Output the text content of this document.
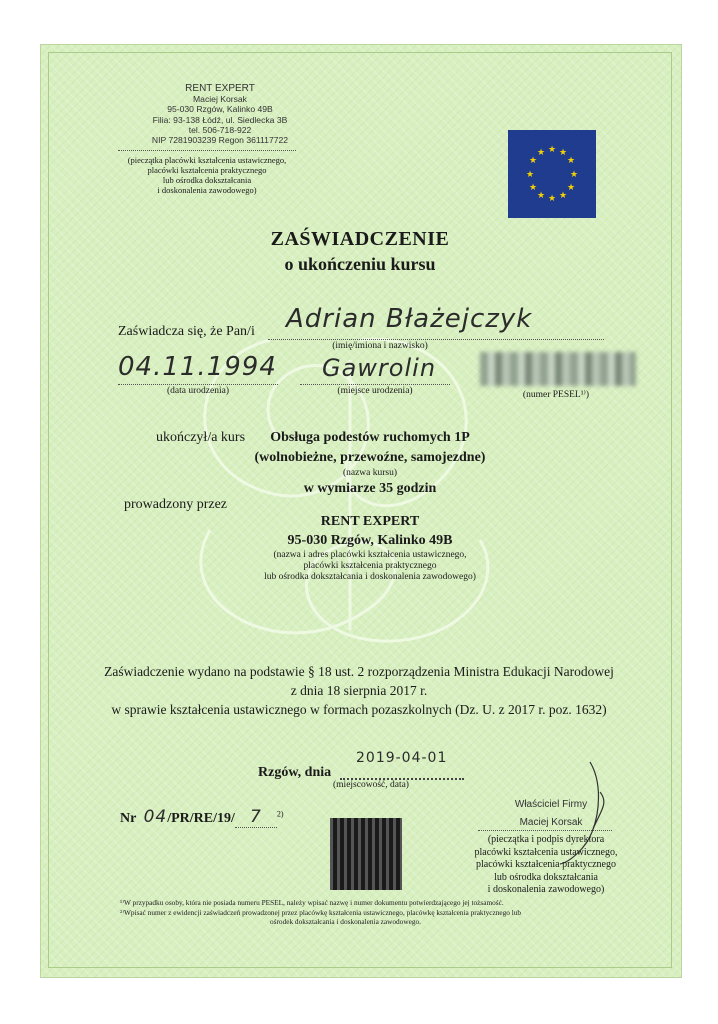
RENT EXPERT
Maciej Korsak
95-030 Rzgów, Kalinko 49B
Filia: 93-138 Łódź, ul. Siedlecka 3B
tel. 506-718-922
NIP 7281903239 Regon 361117722
(pieczątka placówki kształcenia ustawicznego,
placówki kształcenia praktycznego
lub ośrodka dokształcania
i doskonalenia zawodowego)
★ ★
★
★
★
★
★
★
★
★
★
★
ZAŚWIADCZENIE
o ukończeniu kursu
Zaświadcza się, że Pan/i Adrian Błażejczyk
(imię/imiona i nazwisko)
04.11.1994
(data urodzenia)
Gawrolin
(miejsce urodzenia)	(numer PESEL¹⁾)
ukończył/a kurs	Obsługa podestów ruchomych 1P
(wolnobieżne, przewoźne, samojezdne)
(nazwa kursu)
w wymiarze 35 godzin
prowadzony przez
RENT EXPERT
95-030 Rzgów, Kalinko 49B
(nazwa i adres placówki kształcenia ustawicznego,
placówki kształcenia praktycznego
lub ośrodka dokształcania i doskonalenia zawodowego)
Zaświadczenie wydano na podstawie § 18 ust. 2 rozporządzenia Ministra Edukacji Narodowej
z dnia 18 sierpnia 2017 r.
w sprawie kształcenia ustawicznego w formach pozaszkolnych (Dz. U. z 2017 r. poz. 1632)
Rzgów, dnia
2019-04-01
(miejscowość, data)
Nr 04/PR/RE/19/ 7 $^{2)}$
Właściciel Firmy
Maciej Korsak
(pieczątka i podpis dyrektora
placówki kształcenia ustawicznego,
placówki kształcenia praktycznego
lub ośrodka dokształcania
i doskonalenia zawodowego)
¹⁾W przypadku osoby, która nie posiada numeru PESEL, należy wpisać nazwę i numer dokumentu potwierdzającego jej tożsamość.
²⁾Wpisać numer z ewidencji zaświadczeń prowadzonej przez placówkę kształcenia ustawicznego, placówkę kształcenia praktycznego lub
ośrodek dokształcania i doskonalenia zawodowego.
